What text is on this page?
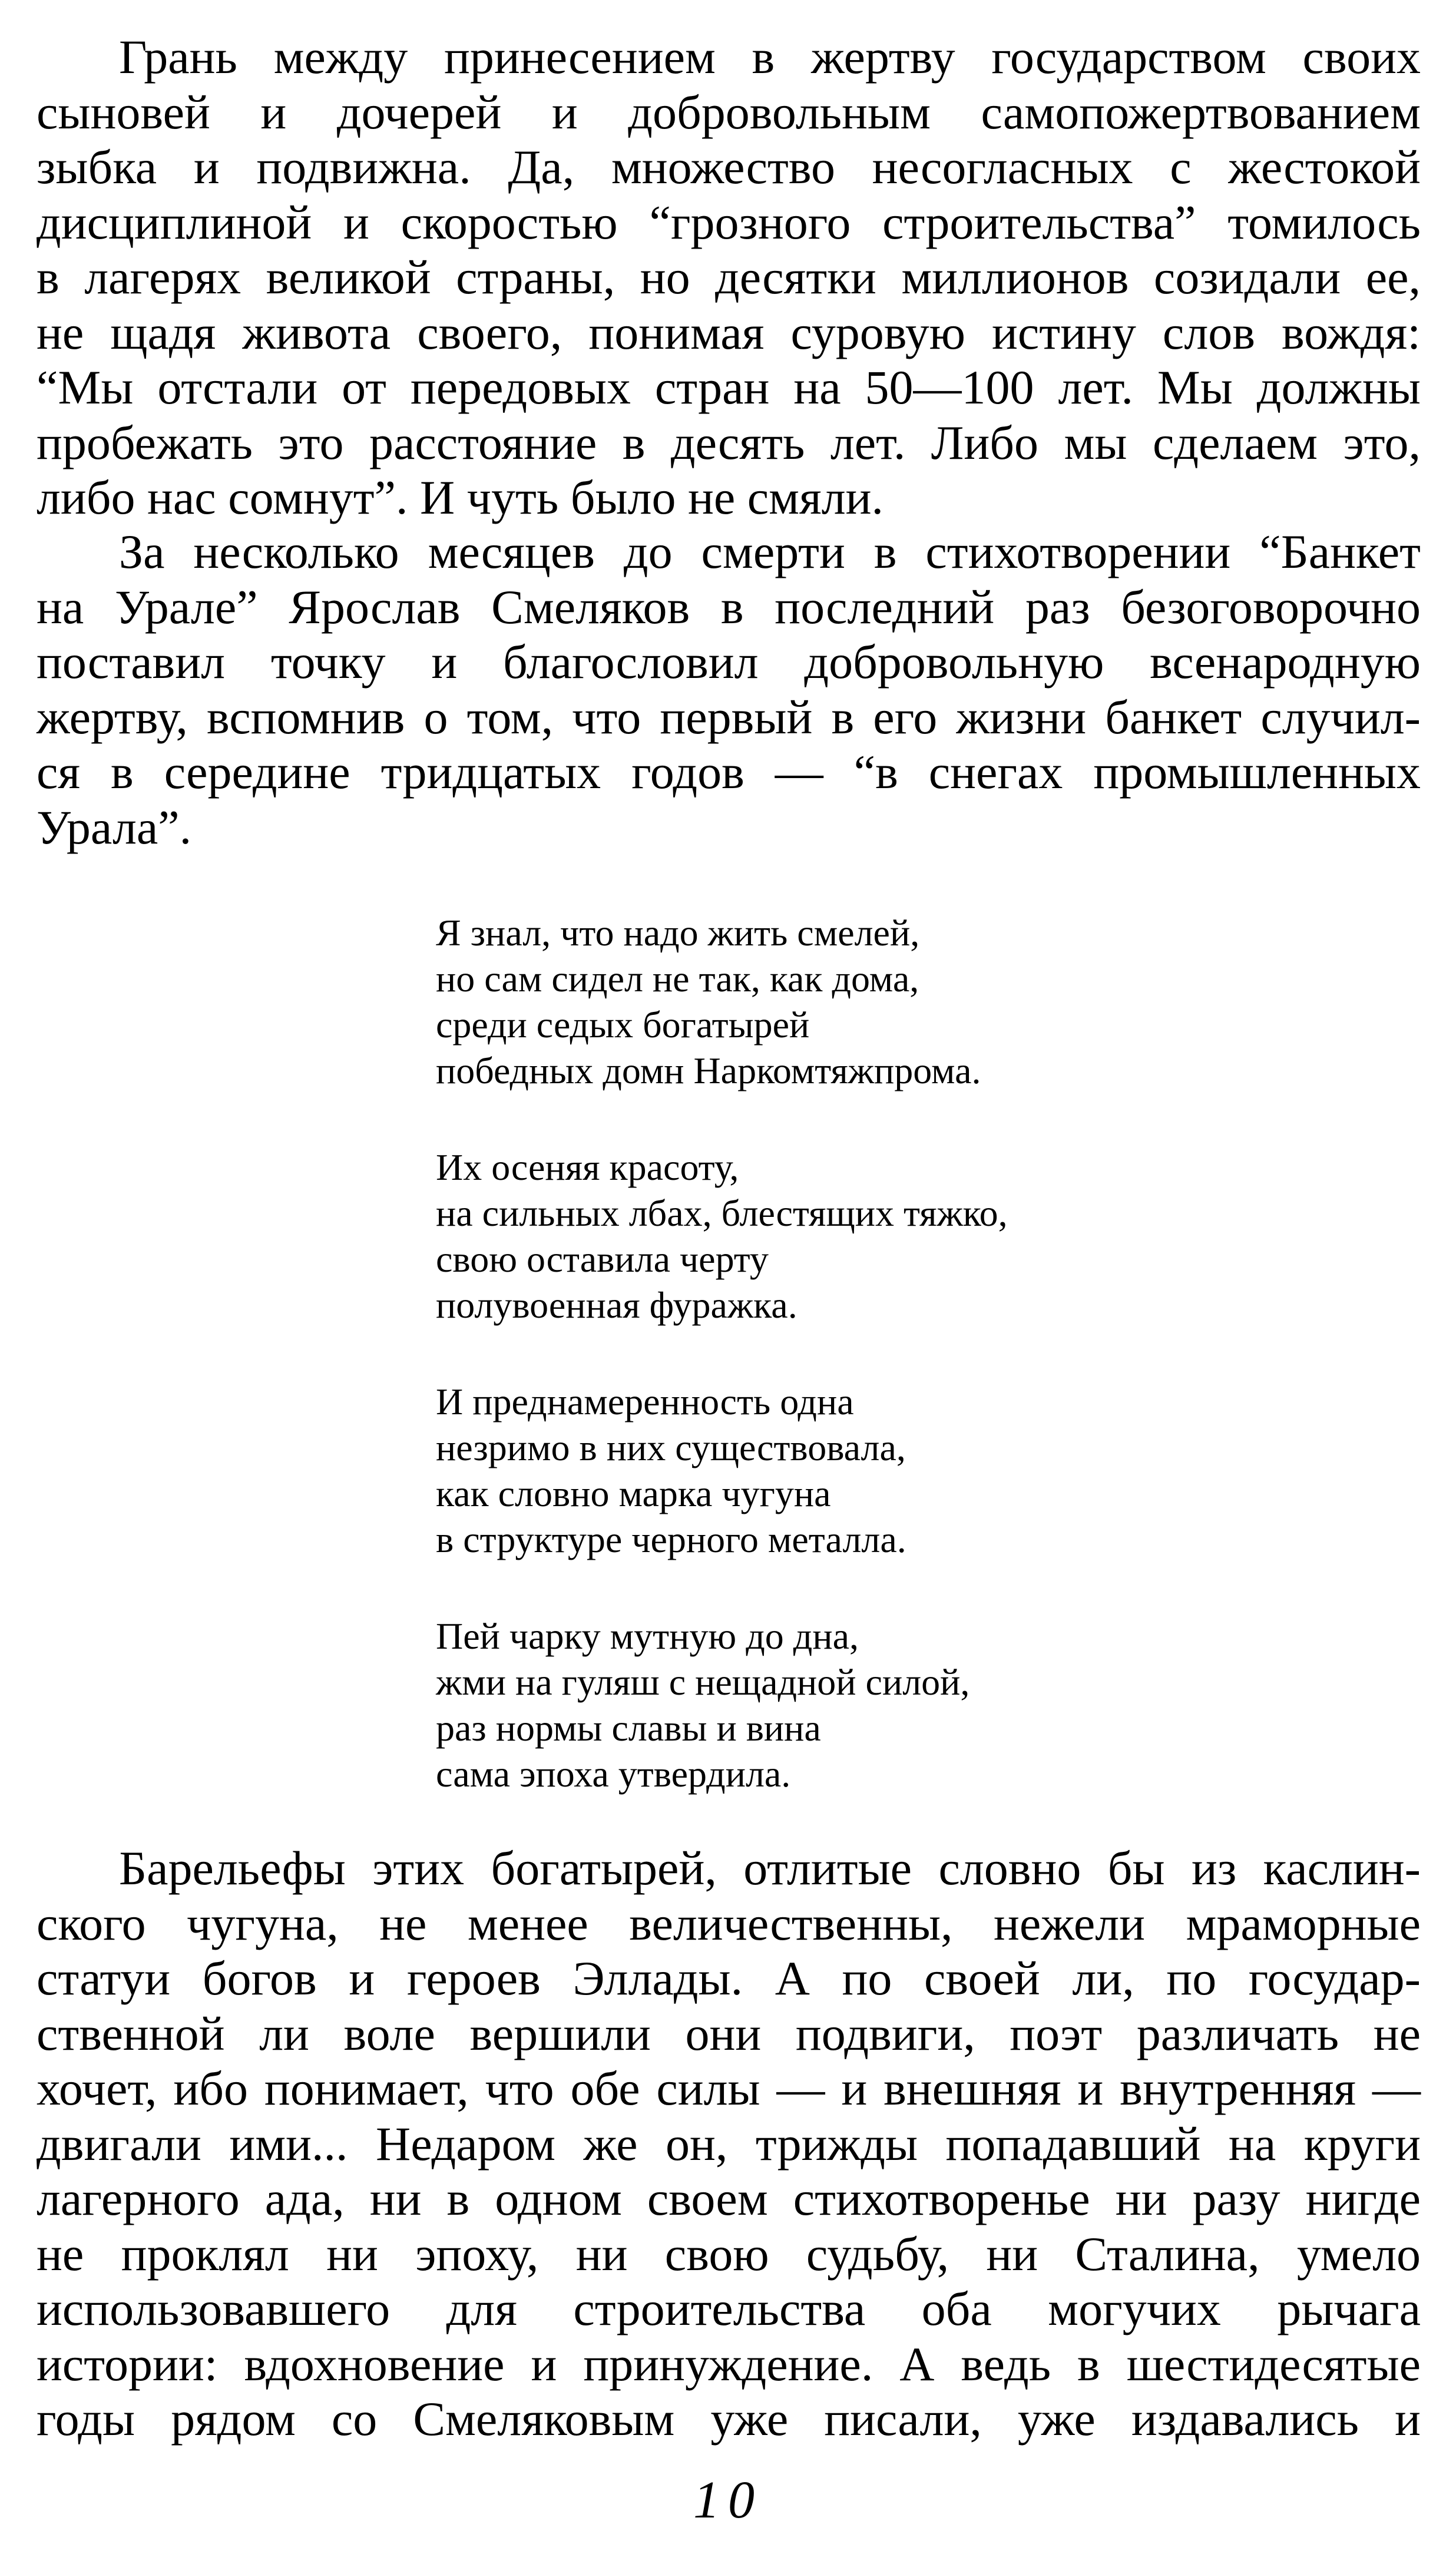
Грань между принесением в жертву государством своих
сыновей и дочерей и добровольным самопожертвованием
зыбка и подвижна. Да, множество несогласных с жестокой
дисциплиной и скоростью “грозного строительства” томилось
в лагерях великой страны, но десятки миллионов созидали ее,
не щадя живота своего, понимая суровую истину слов вождя:
“Мы отстали от передовых стран на 50—100 лет. Мы должны
пробежать это расстояние в десять лет. Либо мы сделаем это,
либо нас сомнут”. И чуть было не смяли.
За несколько месяцев до смерти в стихотворении “Банкет
на Урале” Ярослав Смеляков в последний раз безоговорочно
поставил точку и благословил добровольную всенародную
жертву, вспомнив о том, что первый в его жизни банкет случил-
ся в середине тридцатых годов — “в снегах промышленных
Урала”.
Я знал, что надо жить смелей,
но сам сидел не так, как дома,
среди седых богатырей
победных домн Наркомтяжпрома.
Их осеняя красоту,
на сильных лбах, блестящих тяжко,
свою оставила черту
полувоенная фуражка.
И преднамеренность одна
незримо в них существовала,
как словно марка чугуна
в структуре черного металла.
Пей чарку мутную до дна,
жми на гуляш с нещадной силой,
раз нормы славы и вина
сама эпоха утвердила.
Барельефы этих богатырей, отлитые словно бы из каслин-
ского чугуна, не менее величественны, нежели мраморные
статуи богов и героев Эллады. А по своей ли, по государ-
ственной ли воле вершили они подвиги, поэт различать не
хочет, ибо понимает, что обе силы — и внешняя и внутренняя —
двигали ими... Недаром же он, трижды попадавший на круги
лагерного ада, ни в одном своем стихотворенье ни разу нигде
не проклял ни эпоху, ни свою судьбу, ни Сталина, умело
использовавшего для строительства оба могучих рычага
истории: вдохновение и принуждение. А ведь в шестидесятые
годы рядом со Смеляковым уже писали, уже издавались и
10
